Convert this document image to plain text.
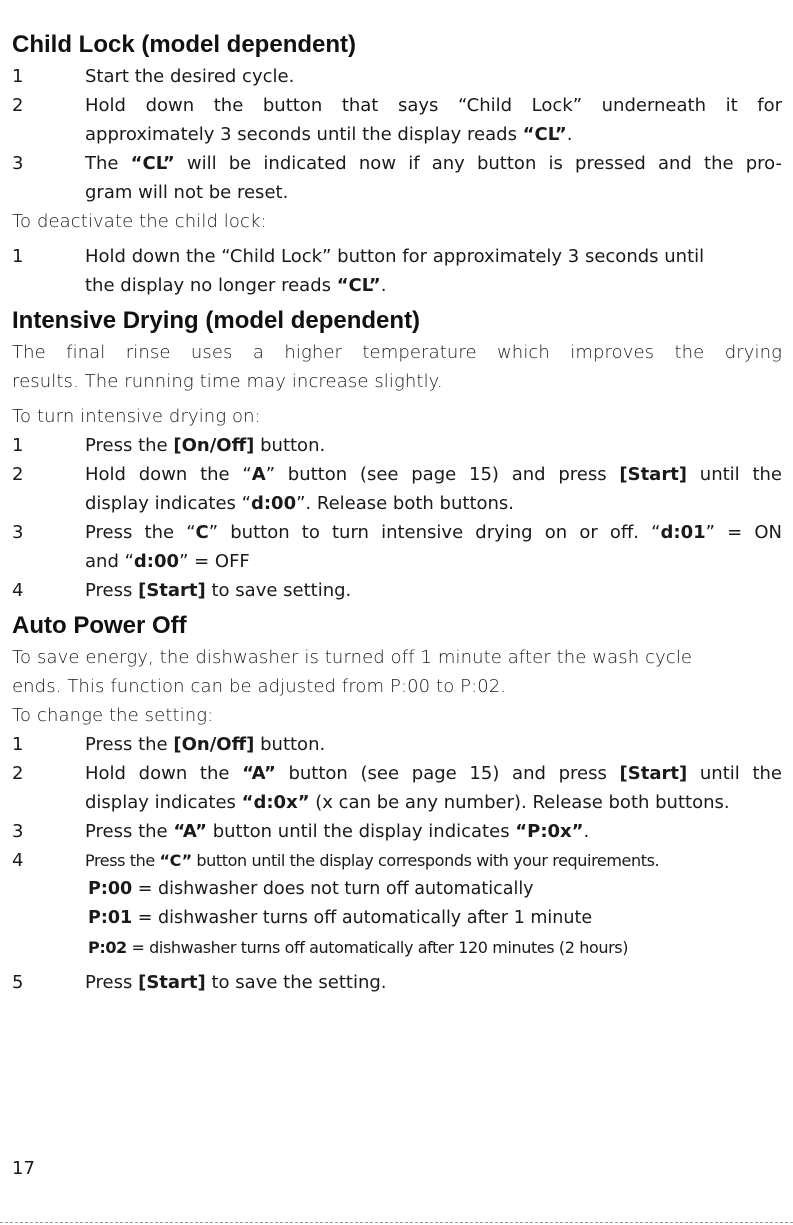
Child Lock (model dependent)
1	Start the desired cycle.
2	Hold down the button that says “Child Lock” underneath it for
approximately 3 seconds until the display reads “CL”.
3	The “CL” will be indicated now if any button is pressed and the pro-
gram will not be reset.

To deactivate the child lock:

1	Hold down the “Child Lock” button for approximately 3 seconds until
the display no longer reads “CL”.
Intensive Drying (model dependent)

The final rinse uses a higher temperature which improves the drying

results. The running time may increase slightly.

To turn intensive drying on:

1	Press the [On/Off] button.
2	Hold down the “A” button (see page 15) and press [Start] until the
display indicates “d:00”. Release both buttons.
3	Press the “C” button to turn intensive drying on or off. “d:01” = ON
and “d:00” = OFF
4	Press [Start] to save setting.
Auto Power Off

To save energy, the dishwasher is turned off 1 minute after the wash cycle

ends. This function can be adjusted from P:00 to P:02.

To change the setting:

1	Press the [On/Off] button.
2	Hold down the “A” button (see page 15) and press [Start] until the
display indicates “d:0x” (x can be any number). Release both buttons.
3	Press the “A” button until the display indicates “P:0x”.
4	Press the “C” button until the display corresponds with your requirements.
P:00 = dishwasher does not turn off automatically
P:01 = dishwasher turns off automatically after 1 minute
P:02 = dishwasher turns off automatically after 120 minutes (2 hours)
5	Press [Start] to save the setting.
17
